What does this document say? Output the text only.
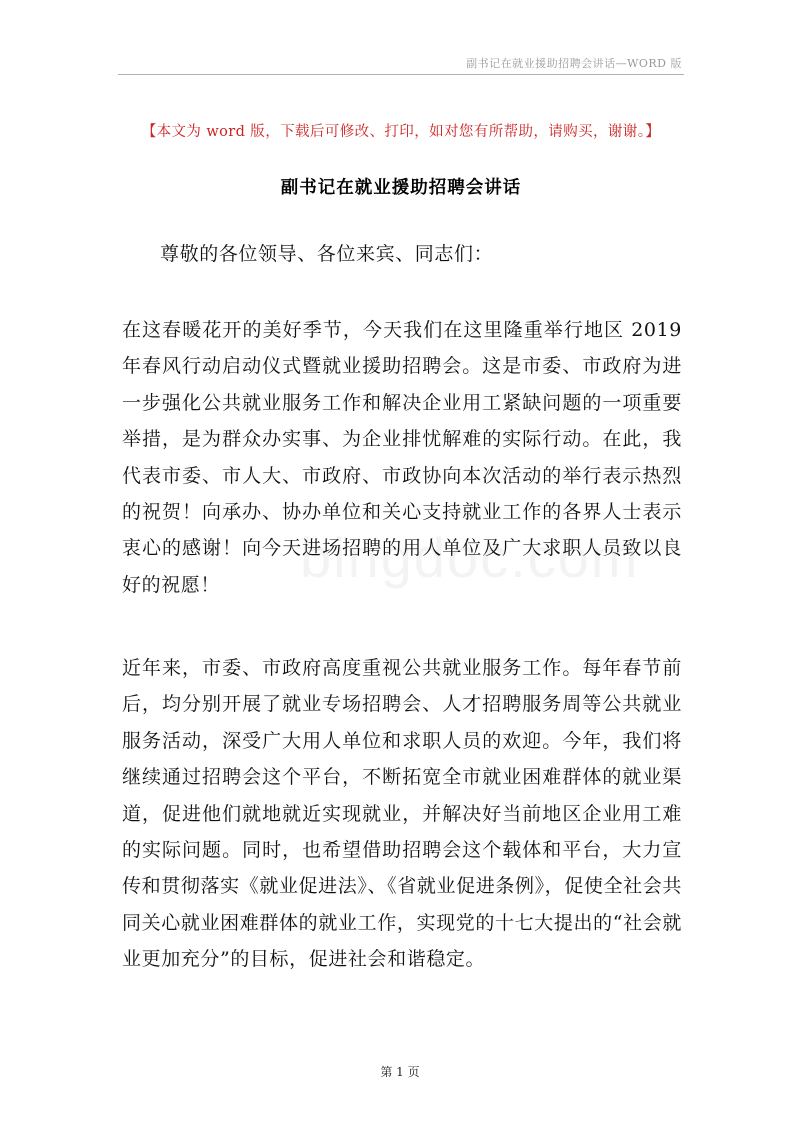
副书记在就业援助招聘会讲话—WORD 版
【本文为 word 版，下载后可修改、打印，如对您有所帮助，请购买，谢谢。】
副书记在就业援助招聘会讲话
尊敬的各位领导、各位来宾、同志们：
在这春暖花开的美好季节，今天我们在这里隆重举行地区 2019 年春风行动启动仪式暨就业援助招聘会。这是市委、市政府为进一步强化公共就业服务工作和解决企业用工紧缺问题的一项重要举措，是为群众办实事、为企业排忧解难的实际行动。在此，我代表市委、市人大、市政府、市政协向本次活动的举行表示热烈的祝贺！向承办、协办单位和关心支持就业工作的各界人士表示衷心的感谢！向今天进场招聘的用人单位及广大求职人员致以良好的祝愿！
近年来，市委、市政府高度重视公共就业服务工作。每年春节前后，均分别开展了就业专场招聘会、人才招聘服务周等公共就业服务活动，深受广大用人单位和求职人员的欢迎。今年，我们将继续通过招聘会这个平台，不断拓宽全市就业困难群体的就业渠道，促进他们就地就近实现就业，并解决好当前地区企业用工难的实际问题。同时，也希望借助招聘会这个载体和平台，大力宣传和贯彻落实《就业促进法》、《省就业促进条例》，促使全社会共同关心就业困难群体的就业工作，实现党的十七大提出的“社会就业更加充分”的目标，促进社会和谐稳定。
第 1 页
